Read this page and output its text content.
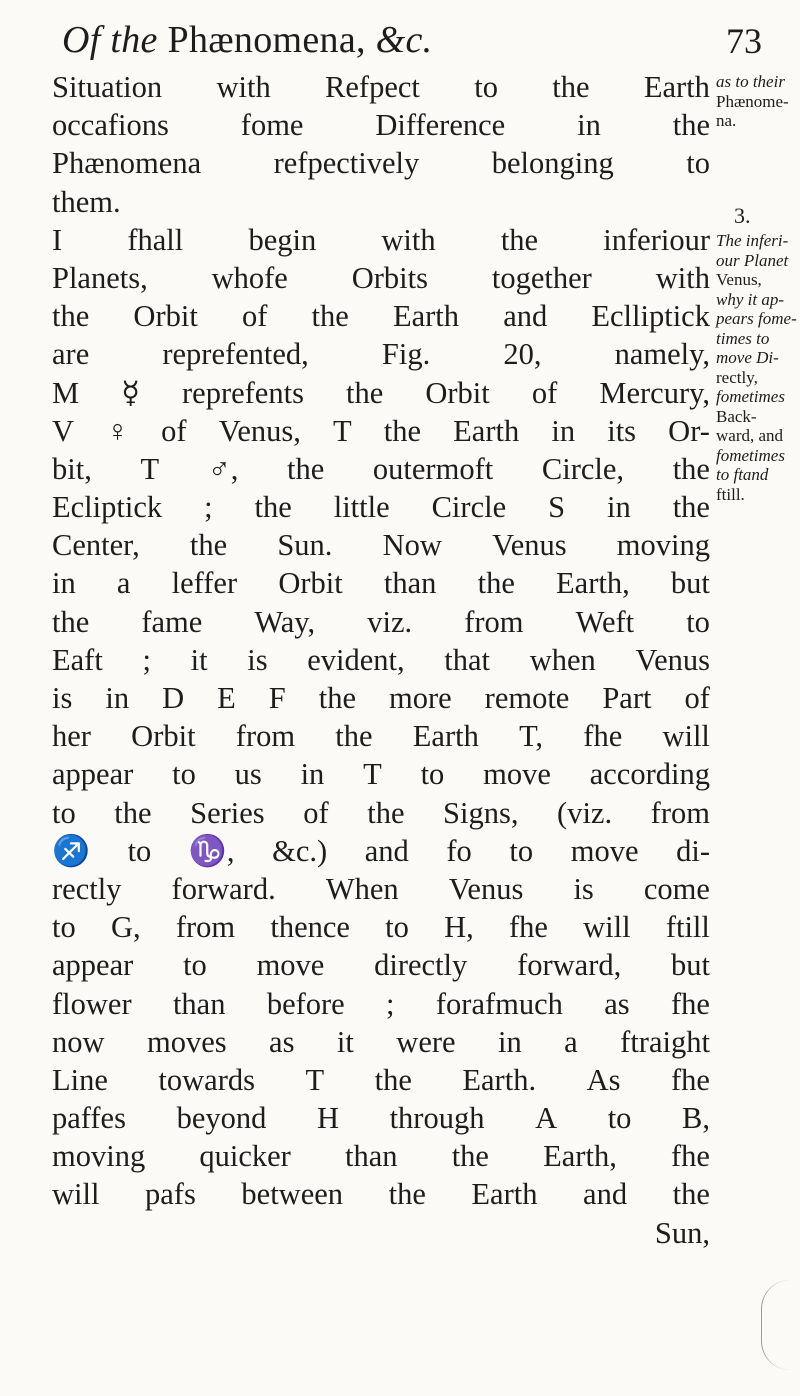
Of the Phænomena, &c.	73
Situation with Refpect to the Earth
occafions fome Difference in the
Phænomena refpectively belonging to
them.
I fhall begin with the inferiour
Planets, whofe Orbits together with
the Orbit of the Earth and Eclliptick
are reprefented, Fig. 20, namely,
M ☿ reprefents the Orbit of Mercury,
V ♀ of Venus, T the Earth in its Or-
bit, T ♂, the outermoft Circle, the
Ecliptick ; the little Circle S in the
Center, the Sun. Now Venus moving
in a leffer Orbit than the Earth, but
the fame Way, viz. from Weft to
Eaft ; it is evident, that when Venus
is in D E F the more remote Part of
her Orbit from the Earth T, fhe will
appear to us in T to move according
to the Series of the Signs, (viz. from
♐ to ♑, &c.) and fo to move di-
rectly forward. When Venus is come
to G, from thence to H, fhe will ftill
appear to move directly forward, but
flower than before ; forafmuch as fhe
now moves as it were in a ftraight
Line towards T the Earth. As fhe
paffes beyond H through A to B,
moving quicker than the Earth, fhe
will pafs between the Earth and the
Sun,
as to their
Phænome-
na.
3.
The inferi-
our Planet
Venus,
why it ap-
pears fome-
times to
move Di-
rectly,
fometimes
Back-
ward, and
fometimes
to ftand
ftill.
